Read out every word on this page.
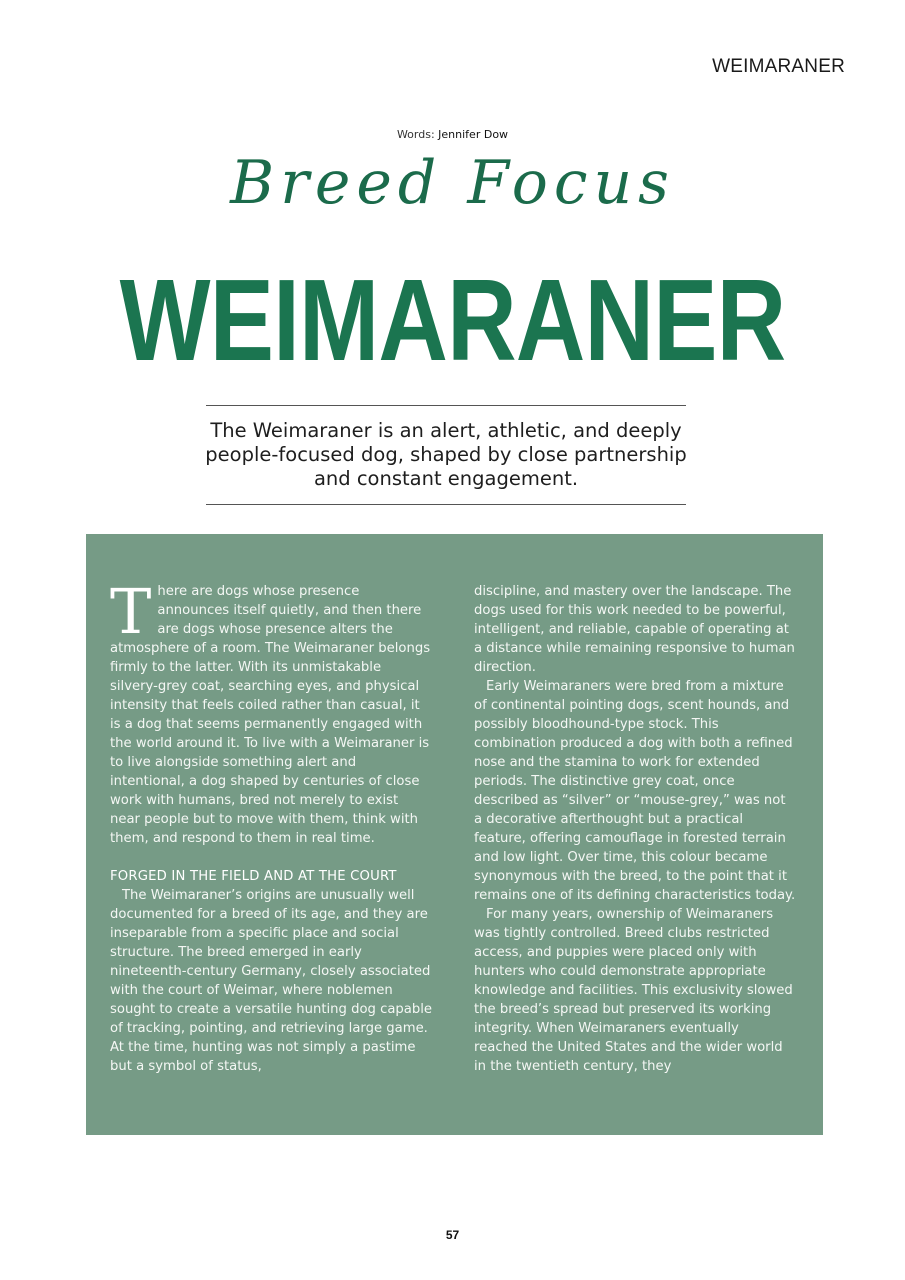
WEIMARANER
Words: Jennifer Dow
Breed Focus
WEIMARANER
The Weimaraner is an alert, athletic, and deeply people-focused dog, shaped by close partnership and constant engagement.

There are dogs whose presence announces itself quietly, and then there are dogs whose presence alters the atmosphere of a room. The Weimaraner belongs firmly to the latter. With its unmistakable silvery-grey coat, searching eyes, and physical intensity that feels coiled rather than casual, it is a dog that seems permanently engaged with the world around it. To live with a Weimaraner is to live alongside something alert and intentional, a dog shaped by centuries of close work with humans, bred not merely to exist near people but to move with them, think with them, and respond to them in real time.

FORGED IN THE FIELD AND AT THE COURT

The Weimaraner’s origins are unusually well documented for a breed of its age, and they are inseparable from a specific place and social structure. The breed emerged in early nineteenth-century Germany, closely associated with the court of Weimar, where noblemen sought to create a versatile hunting dog capable of tracking, pointing, and retrieving large game. At the time, hunting was not simply a pastime but a symbol of status,

discipline, and mastery over the landscape. The dogs used for this work needed to be powerful, intelligent, and reliable, capable of operating at a distance while remaining responsive to human direction.

Early Weimaraners were bred from a mixture of continental pointing dogs, scent hounds, and possibly bloodhound-type stock. This combination produced a dog with both a refined nose and the stamina to work for extended periods. The distinctive grey coat, once described as “silver” or “mouse-grey,” was not a decorative afterthought but a practical feature, offering camouflage in forested terrain and low light. Over time, this colour became synonymous with the breed, to the point that it remains one of its defining characteristics today.

For many years, ownership of Weimaraners was tightly controlled. Breed clubs restricted access, and puppies were placed only with hunters who could demonstrate appropriate knowledge and facilities. This exclusivity slowed the breed’s spread but preserved its working integrity. When Weimaraners eventually reached the United States and the wider world in the twentieth century, they

57
